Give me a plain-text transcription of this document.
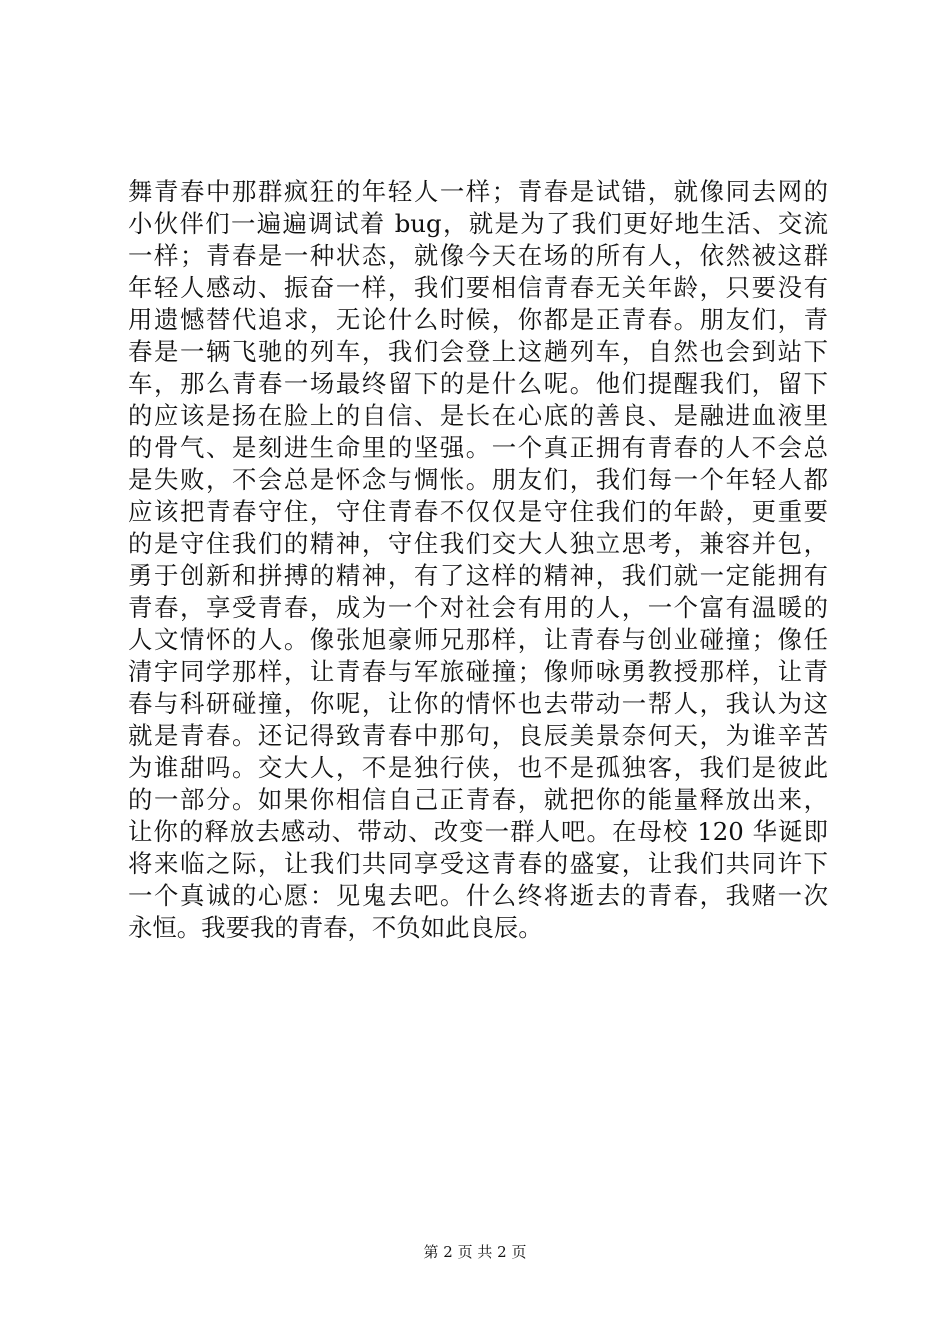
舞青春中那群疯狂的年轻人一样；青春是试错，就像同去网的
小伙伴们一遍遍调试着 bug，就是为了我们更好地生活、交流
一样；青春是一种状态，就像今天在场的所有人，依然被这群
年轻人感动、振奋一样，我们要相信青春无关年龄，只要没有
用遗憾替代追求，无论什么时候，你都是正青春。朋友们，青
春是一辆飞驰的列车，我们会登上这趟列车，自然也会到站下
车，那么青春一场最终留下的是什么呢。他们提醒我们，留下
的应该是扬在脸上的自信、是长在心底的善良、是融进血液里
的骨气、是刻进生命里的坚强。一个真正拥有青春的人不会总
是失败，不会总是怀念与惆怅。朋友们，我们每一个年轻人都
应该把青春守住，守住青春不仅仅是守住我们的年龄，更重要
的是守住我们的精神，守住我们交大人独立思考，兼容并包，
勇于创新和拼搏的精神，有了这样的精神，我们就一定能拥有
青春，享受青春，成为一个对社会有用的人，一个富有温暖的
人文情怀的人。像张旭豪师兄那样，让青春与创业碰撞；像任
清宇同学那样，让青春与军旅碰撞；像师咏勇教授那样，让青
春与科研碰撞，你呢，让你的情怀也去带动一帮人，我认为这
就是青春。还记得致青春中那句，良辰美景奈何天，为谁辛苦
为谁甜吗。交大人，不是独行侠，也不是孤独客，我们是彼此
的一部分。如果你相信自己正青春，就把你的能量释放出来，
让你的释放去感动、带动、改变一群人吧。在母校 120 华诞即
将来临之际，让我们共同享受这青春的盛宴，让我们共同许下
一个真诚的心愿：见鬼去吧。什么终将逝去的青春，我赌一次
永恒。我要我的青春，不负如此良辰。
第 2 页 共 2 页
